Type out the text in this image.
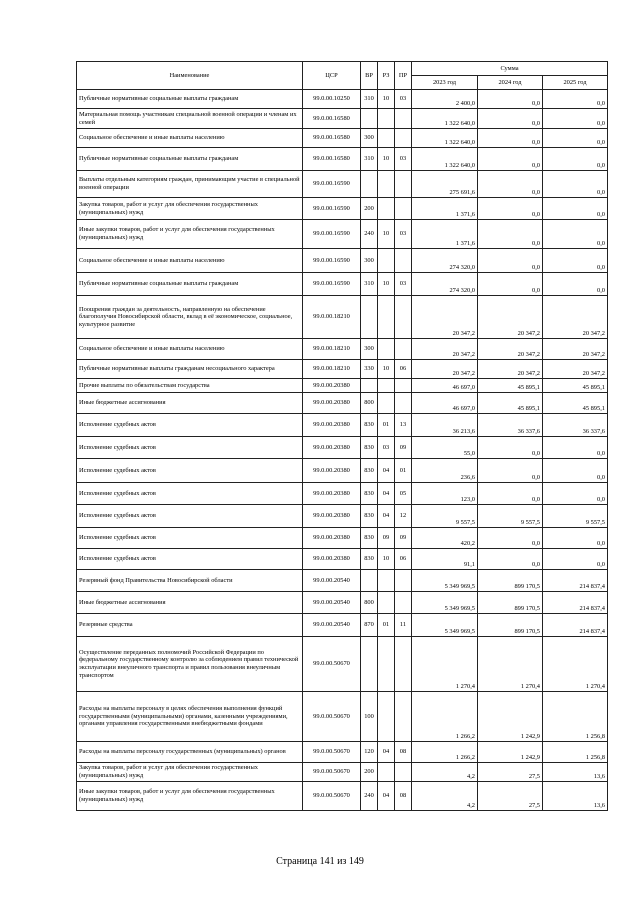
Наименование	ЦСР	ВР	РЗ	ПР	Сумма		
					2023 год	2024 год	2025 год
Публичные нормативные социальные выплаты гражданам	99.0.00.10250	310	10	03	2 400,0	0,0	0,0
Материальная помощь участникам специальной военной операции и членам их семей	99.0.00.16580				1 322 640,0	0,0	0,0
Социальное обеспечение и иные выплаты населению	99.0.00.16580	300			1 322 640,0	0,0	0,0
Публичные нормативные социальные выплаты гражданам	99.0.00.16580	310	10	03	1 322 640,0	0,0	0,0
Выплаты отдельным категориям граждан, принимающим участие в специальной военной операции	99.0.00.16590				275 691,6	0,0	0,0
Закупка товаров, работ и услуг для обеспечения государственных (муниципальных) нужд	99.0.00.16590	200			1 371,6	0,0	0,0
Иные закупки товаров, работ и услуг для обеспечения государственных (муниципальных) нужд	99.0.00.16590	240	10	03	1 371,6	0,0	0,0
Социальное обеспечение и иные выплаты населению	99.0.00.16590	300			274 320,0	0,0	0,0
Публичные нормативные социальные выплаты гражданам	99.0.00.16590	310	10	03	274 320,0	0,0	0,0
Поощрения граждан за деятельность, направленную на обеспечение благополучия Новосибирской области, вклад в её экономическое, социальное, культурное развитие	99.0.00.18210				20 347,2	20 347,2	20 347,2
Социальное обеспечение и иные выплаты населению	99.0.00.18210	300			20 347,2	20 347,2	20 347,2
Публичные нормативные выплаты гражданам несоциального характера	99.0.00.18210	330	10	06	20 347,2	20 347,2	20 347,2
Прочие выплаты по обязательствам государства	99.0.00.20380				46 697,0	45 895,1	45 895,1
Иные бюджетные ассигнования	99.0.00.20380	800			46 697,0	45 895,1	45 895,1
Исполнение судебных актов	99.0.00.20380	830	01	13	36 213,6	36 337,6	36 337,6
Исполнение судебных актов	99.0.00.20380	830	03	09	55,0	0,0	0,0
Исполнение судебных актов	99.0.00.20380	830	04	01	236,6	0,0	0,0
Исполнение судебных актов	99.0.00.20380	830	04	05	123,0	0,0	0,0
Исполнение судебных актов	99.0.00.20380	830	04	12	9 557,5	9 557,5	9 557,5
Исполнение судебных актов	99.0.00.20380	830	09	09	420,2	0,0	0,0
Исполнение судебных актов	99.0.00.20380	830	10	06	91,1	0,0	0,0
Резервный фонд Правительства Новосибирской области	99.0.00.20540				5 349 969,5	899 170,5	214 837,4
Иные бюджетные ассигнования	99.0.00.20540	800			5 349 969,5	899 170,5	214 837,4
Резервные средства	99.0.00.20540	870	01	11	5 349 969,5	899 170,5	214 837,4
Осуществление переданных полномочий Российской Федерации по федеральному государственному контролю за соблюдением правил технической эксплуатации внеуличного транспорта и правил пользования внеуличным транспортом	99.0.00.50670				1 270,4	1 270,4	1 270,4
Расходы на выплаты персоналу в целях обеспечения выполнения функций государственными (муниципальными) органами, казенными учреждениями, органами управления государственными внебюджетными фондами	99.0.00.50670	100			1 266,2	1 242,9	1 256,8
Расходы на выплаты персоналу государственных (муниципальных) органов	99.0.00.50670	120	04	08	1 266,2	1 242,9	1 256,8
Закупка товаров, работ и услуг для обеспечения государственных (муниципальных) нужд	99.0.00.50670	200			4,2	27,5	13,6
Иные закупки товаров, работ и услуг для обеспечения государственных (муниципальных) нужд	99.0.00.50670	240	04	08	4,2	27,5	13,6
Страница 141 из 149
